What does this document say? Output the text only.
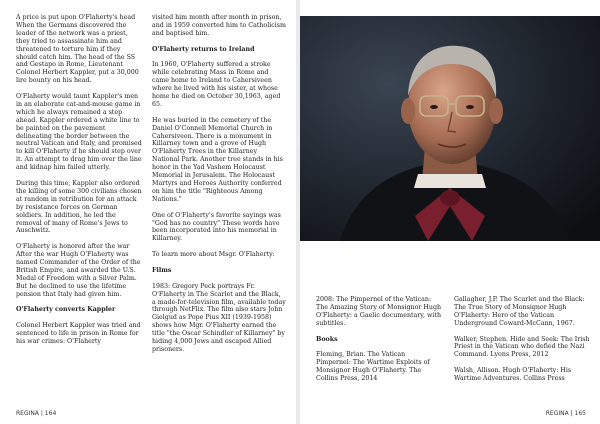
A price is put upon O'Flaherty's head When the Germans discovered the leader of the network was a priest, they tried to assassinate him and threatened to torture him if they should catch him. The head of the SS and Gestapo in Rome, Lieutenant Colonel Herbert Kappler, put a 30,000 lire bounty on his head.

O'Flaherty would taunt Kappler's men in an elaborate cat-and-mouse game in which he always remained a step ahead. Kappler ordered a white line to be painted on the pavement delineating the border between the neutral Vatican and Italy, and promised to kill O'Flaherty if he should step over it. An attempt to drag him over the line and kidnap him failed utterly.

During this time, Kappler also ordered the killing of some 300 civilians chosen at random in retribution for an attack by resistance forces on German soldiers. In addition, he led the removal of many of Rome's Jews to Auschwitz.

O'Flaherty is honored after the war After the war Hugh O'Flaherty was named Commander of the Order of the British Empire, and awarded the U.S. Medal of Freedom with a Silver Palm. But he declined to use the lifetime pension that Italy had given him.

O'Flaherty converts Kappler

Colonel Herbert Kappler was tried and sentenced to life in prison in Rome for his war crimes: O'Flaherty

visited him month after month in prison, and in 1959 converted him to Catholicism and baptised him.

O'Flaherty returns to Ireland

In 1960, O'Flaherty suffered a stroke while celebrating Mass in Rome and came home to Ireland to Cahersiveen where he lived with his sister, at whose home he died on October 30,1963, aged 65.

He was buried in the cemetery of the Daniel O'Connell Memorial Church in Cahersiveen. There is a monument in Killarney town and a grove of Hugh O'Flaherty Trees in the Killarney National Park. Another tree stands in his honor in the Yad Vashem Holocaust Memorial in Jerusalem. The Holocaust Martyrs and Heroes Authority conferred on him the title "Righteous Among Nations."

One of O'Flaherty's favorite sayings was "God has no country" These words have been incorporated into his memorial in Killarney.

To learn more about Msgr. O'Flaherty:

Films

1983: Gregory Peck portrays Fr. O'Flaherty in The Scarlet and the Black, a made-for-television film, available today through NetFlix. The film also stars John Gielgud as Pope Pius XII (1939-1958) shows how Mgr. O'Flaherty earned the title "the Oscar Schindler of Killarney" by hiding 4,000 Jews and escaped Allied prisoners.

REGINA | 164

2008: The Pimpernel of the Vatican: The Amazing Story of Monsignor Hugh O'Flaherty: a Gaelic documentary, with subtitles.

Books

Fleming, Brian. The Vatican Pimpernel: The Wartime Exploits of Monsignor Hugh O'Flaherty. The Collins Press, 2014

Gallagher, J.P. The Scarlet and the Black: The True Story of Monsignor Hugh O'Flaherty: Hero of the Vatican Underground Coward-McCann, 1967.

Walker, Stephen. Hide and Seek: The Irish Priest in the Vatican who defied the Nazi Command. Lyons Press, 2012

Walsh, Allison. Hugh O'Flaherty: His Wartime Adventures. Collins Press

REGINA | 165
